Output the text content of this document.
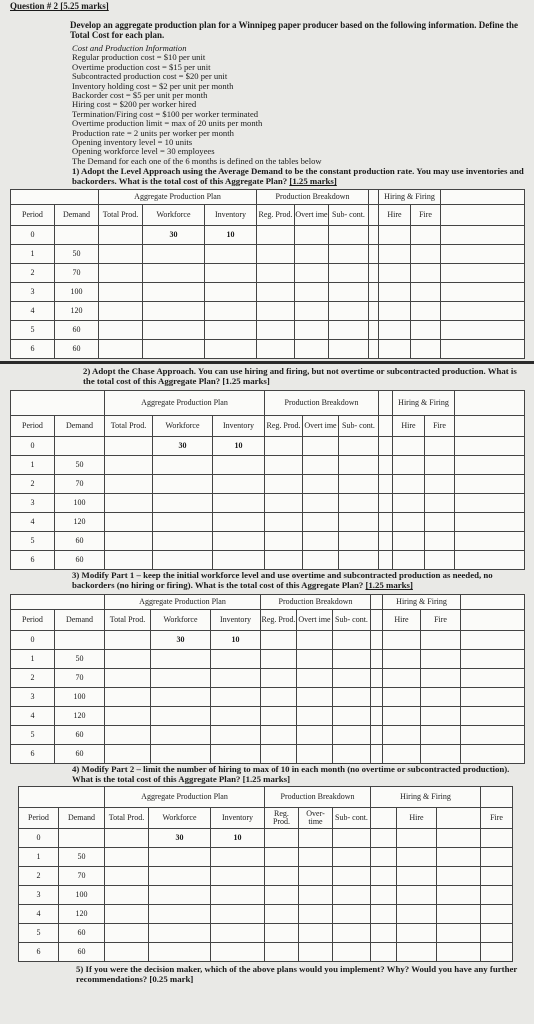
Question # 2 [5.25 marks]
Develop an aggregate production plan for a Winnipeg paper producer based on the following information. Define the Total Cost for each plan.
Cost and Production Information
Regular production cost = $10 per unit
Overtime production cost = $15 per unit
Subcontracted production cost = $20 per unit
Inventory holding cost = $2 per unit per month
Backorder cost = $5 per unit per month
Hiring cost = $200 per worker hired
Termination/Firing cost = $100 per worker terminated
Overtime production limit = max of 20 units per month
Production rate = 2 units per worker per month
Opening inventory level = 10 units
Opening workforce level = 30 employees
The Demand for each one of the 6 months is defined on the tables below
1) Adopt the Level Approach using the Average Demand to be the constant production rate. You may use inventories and backorders. What is the total cost of this Aggregate Plan? [1.25 marks]
		Aggregate Production Plan			Production Breakdown				Hiring & Firing		
Period	Demand	Total Prod.	Workforce	Inventory	Reg. Prod.	Overt ime	Sub- cont.		Hire	Fire	
0			30	10							
1	50										
2	70										
3	100										
4	120										
5	60										
6	60										
2) Adopt the Chase Approach. You can use hiring and firing, but not overtime or subcontracted production. What is the total cost of this Aggregate Plan? [1.25 marks]
		Aggregate Production Plan			Production Breakdown				Hiring & Firing		
Period	Demand	Total Prod.	Workforce	Inventory	Reg. Prod.	Overt ime	Sub- cont.		Hire	Fire	
0			30	10							
1	50										
2	70										
3	100										
4	120										
5	60										
6	60										
3) Modify Part 1 – keep the initial workforce level and use overtime and subcontracted production as needed, no backorders (no hiring or firing). What is the total cost of this Aggregate Plan? [1.25 marks]
		Aggregate Production Plan			Production Breakdown				Hiring & Firing		
Period	Demand	Total Prod.	Workforce	Inventory	Reg. Prod.	Overt ime	Sub- cont.		Hire	Fire	
0			30	10							
1	50										
2	70										
3	100										
4	120										
5	60										
6	60										
4) Modify Part 2 – limit the number of hiring to max of 10 in each month (no overtime or subcontracted production). What is the total cost of this Aggregate Plan? [1.25 marks]
		Aggregate Production Plan			Production Breakdown			Hiring & Firing			
Period	Demand	Total Prod.	Workforce	Inventory	Reg. Prod.	Over- time	Sub- cont.		Hire		Fire
0			30	10							
1	50										
2	70										
3	100										
4	120										
5	60										
6	60										
5) If you were the decision maker, which of the above plans would you implement? Why? Would you have any further recommendations? [0.25 mark]
